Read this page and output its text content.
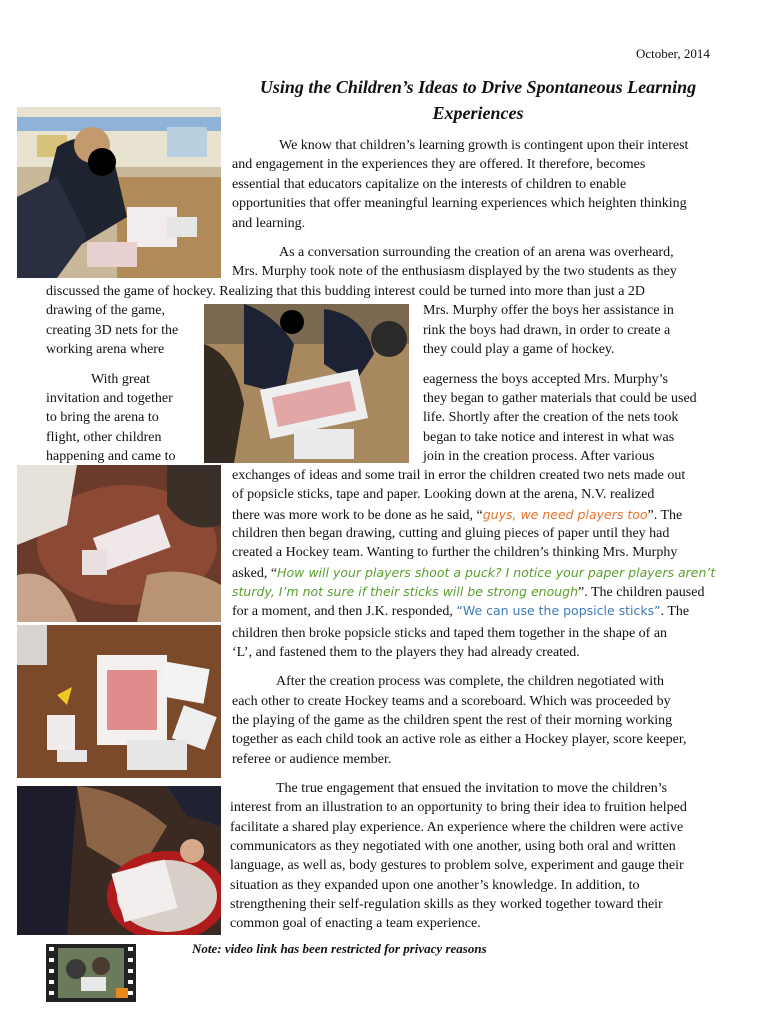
October, 2014
Using the Children’s Ideas to Drive Spontaneous Learning
Experiences
We know that children’s learning growth is contingent upon their interest
and engagement in the experiences they are offered. It therefore, becomes
essential that educators capitalize on the interests of children to enable
opportunities that offer meaningful learning experiences which heighten thinking
and learning.
As a conversation surrounding the creation of an arena was overheard,
Mrs. Murphy took note of the enthusiasm displayed by the two students as they
discussed the game of hockey. Realizing that this budding interest could be turned into more than just a 2D
drawing of the game,
creating 3D nets for the
working arena where
Mrs. Murphy offer the boys her assistance in
rink the boys had drawn, in order to create a
they could play a game of hockey.
With great
invitation and together
to bring the arena to
flight, other children
happening and came to
eagerness the boys accepted Mrs. Murphy’s
they began to gather materials that could be used
life. Shortly after the creation of the nets took
began to take notice and interest in what was
join in the creation process. After various
exchanges of ideas and some trail in error the children created two nets made out
of popsicle sticks, tape and paper. Looking down at the arena, N.V. realized
there was more work to be done as he said, “guys, we need players too”. The
children then began drawing, cutting and gluing pieces of paper until they had
created a Hockey team. Wanting to further the children’s thinking Mrs. Murphy
asked, “How will your players shoot a puck? I notice your paper players aren’t
sturdy, I’m not sure if their sticks will be strong enough”. The children paused
for a moment, and then J.K. responded, “We can use the popsicle sticks”. The
children then broke popsicle sticks and taped them together in the shape of an
‘L’, and fastened them to the players they had already created.
After the creation process was complete, the children negotiated with
each other to create Hockey teams and a scoreboard. Which was proceeded by
the playing of the game as the children spent the rest of their morning working
together as each child took an active role as either a Hockey player, score keeper,
referee or audience member.
The true engagement that ensued the invitation to move the children’s
interest from an illustration to an opportunity to bring their idea to fruition helped
facilitate a shared play experience. An experience where the children were active
communicators as they negotiated with one another, using both oral and written
language, as well as, body gestures to problem solve, experiment and gauge their
situation as they expanded upon one another’s knowledge. In addition, to
strengthening their self-regulation skills as they worked together toward their
common goal of enacting a team experience.
Note: video link has been restricted for privacy reasons
